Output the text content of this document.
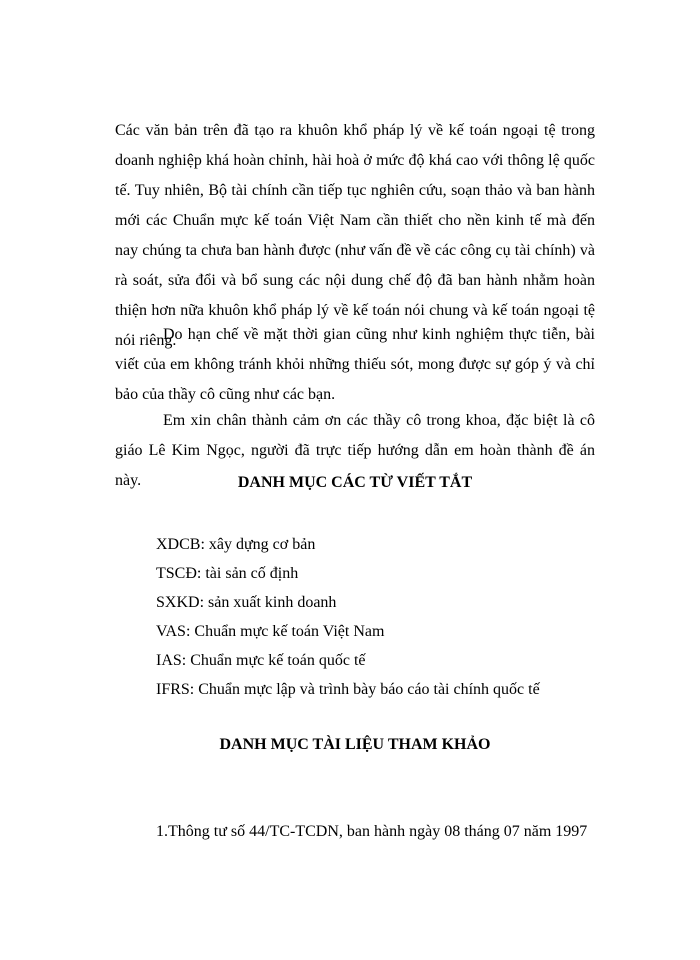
Các văn bản trên đã tạo ra khuôn khổ pháp lý về kế toán ngoại tệ trong doanh nghiệp khá hoàn chỉnh, hài hoà ở mức độ khá cao với thông lệ quốc tế. Tuy nhiên, Bộ tài chính cần tiếp tục nghiên cứu, soạn thảo và ban hành mới các Chuẩn mực kế toán Việt Nam cần thiết cho nền kinh tế mà đến nay chúng ta chưa ban hành được (như vấn đề về các công cụ tài chính) và rà soát, sửa đổi và bổ sung các nội dung chế độ đã ban hành nhằm hoàn thiện hơn nữa khuôn khổ pháp lý về kế toán nói chung và kế toán ngoại tệ nói riêng.

Do hạn chế về mặt thời gian cũng như kinh nghiệm thực tiễn, bài viết của em không tránh khỏi những thiếu sót, mong được sự góp ý và chỉ bảo của thầy cô cũng như các bạn.

Em xin chân thành cảm ơn các thầy cô trong khoa, đặc biệt là cô giáo Lê Kim Ngọc, người đã trực tiếp hướng dẫn em hoàn thành đề án này.	DANH MỤC CÁC TỪ VIẾT TẮT
XDCB: xây dựng cơ bản
TSCĐ: tài sản cố định
SXKD: sản xuất kinh doanh
VAS: Chuẩn mực kế toán Việt Nam
IAS: Chuẩn mực kế toán quốc tế
IFRS: Chuẩn mực lập và trình bày báo cáo tài chính quốc tế
DANH MỤC TÀI LIỆU THAM KHẢO
1.Thông tư số 44/TC-TCDN, ban hành ngày 08 tháng 07 năm 1997
